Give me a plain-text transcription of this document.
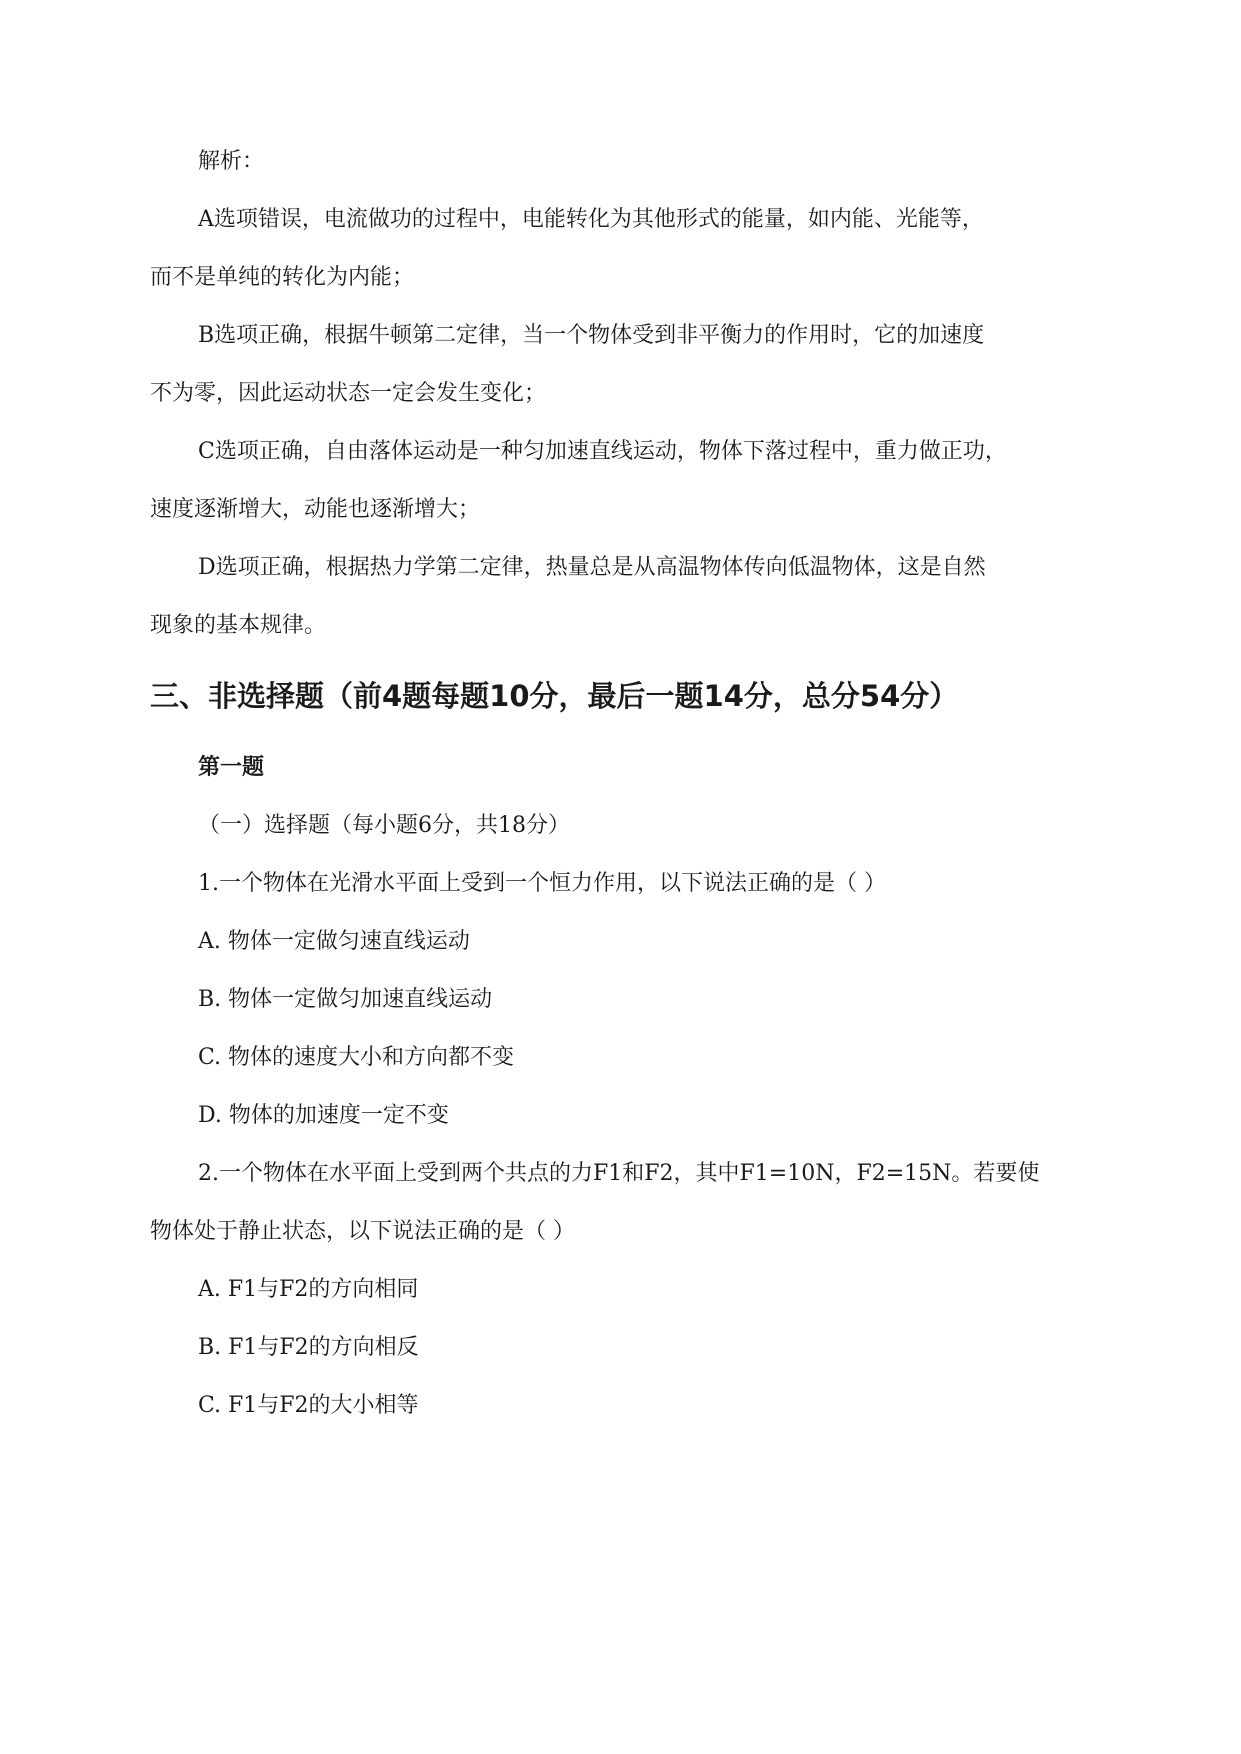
解析：

A选项错误，电流做功的过程中，电能转化为其他形式的能量，如内能、光能等，

而不是单纯的转化为内能；

B选项正确，根据牛顿第二定律，当一个物体受到非平衡力的作用时，它的加速度

不为零，因此运动状态一定会发生变化；

C选项正确，自由落体运动是一种匀加速直线运动，物体下落过程中，重力做正功，

速度逐渐增大，动能也逐渐增大；

D选项正确，根据热力学第二定律，热量总是从高温物体传向低温物体，这是自然

现象的基本规律。

三、非选择题（前4题每题10分，最后一题14分，总分54分）
第一题

（一）选择题（每小题6分，共18分）

1.一个物体在光滑水平面上受到一个恒力作用，以下说法正确的是（ ）

A. 物体一定做匀速直线运动

B. 物体一定做匀加速直线运动

C. 物体的速度大小和方向都不变

D. 物体的加速度一定不变

2.一个物体在水平面上受到两个共点的力F1和F2，其中F1=10N，F2=15N。若要使

物体处于静止状态，以下说法正确的是（ ）

A. F1与F2的方向相同

B. F1与F2的方向相反

C. F1与F2的大小相等
